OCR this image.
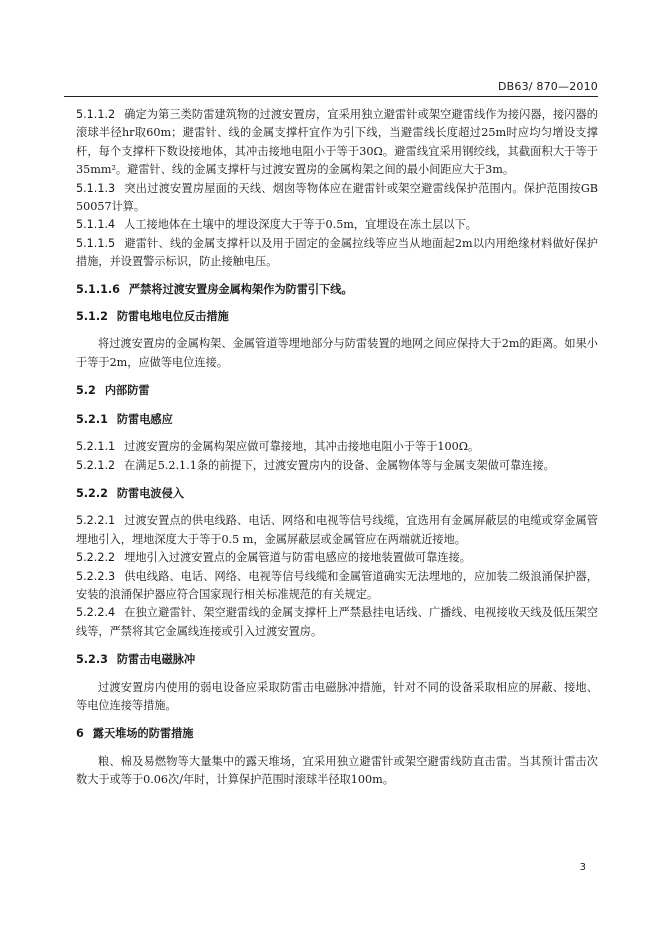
DB63/ 870—2010

5.1.1.2 确定为第三类防雷建筑物的过渡安置房，宜采用独立避雷针或架空避雷线作为接闪器，接闪器的滚球半径hr取60m；避雷针、线的金属支撑杆宜作为引下线，当避雷线长度超过25m时应均匀增设支撑杆，每个支撑杆下数设接地体，其冲击接地电阻小于等于30Ω。避雷线宜采用钢绞线，其截面积大于等于35mm²。避雷针、线的金属支撑杆与过渡安置房的金属构架之间的最小间距应大于3m。

5.1.1.3 突出过渡安置房屋面的天线、烟囱等物体应在避雷针或架空避雷线保护范围内。保护范围按GB 50057计算。

5.1.1.4 人工接地体在土壤中的埋设深度大于等于0.5m，宜埋设在冻土层以下。

5.1.1.5 避雷针、线的金属支撑杆以及用于固定的金属拉线等应当从地面起2m以内用绝缘材料做好保护措施，并设置警示标识，防止接触电压。

5.1.1.6 严禁将过渡安置房金属构架作为防雷引下线。

5.1.2 防雷电地电位反击措施

将过渡安置房的金属构架、金属管道等埋地部分与防雷装置的地网之间应保持大于2m的距离。如果小于等于2m，应做等电位连接。

5.2 内部防雷

5.2.1 防雷电感应

5.2.1.1 过渡安置房的金属构架应做可靠接地，其冲击接地电阻小于等于100Ω。

5.2.1.2 在满足5.2.1.1条的前提下，过渡安置房内的设备、金属物体等与金属支架做可靠连接。

5.2.2 防雷电波侵入

5.2.2.1 过渡安置点的供电线路、电话、网络和电视等信号线缆，宜选用有金属屏蔽层的电缆或穿金属管埋地引入，埋地深度大于等于0.5 m，金属屏蔽层或金属管应在两端就近接地。

5.2.2.2 埋地引入过渡安置点的金属管道与防雷电感应的接地装置做可靠连接。

5.2.2.3 供电线路、电话、网络、电视等信号线缆和金属管道确实无法埋地的，应加装二级浪涌保护器，安装的浪涌保护器应符合国家现行相关标准规范的有关规定。

5.2.2.4 在独立避雷针、架空避雷线的金属支撑杆上严禁悬挂电话线、广播线、电视接收天线及低压架空线等，严禁将其它金属线连接或引入过渡安置房。

5.2.3 防雷击电磁脉冲

过渡安置房内使用的弱电设备应采取防雷击电磁脉冲措施，针对不同的设备采取相应的屏蔽、接地、等电位连接等措施。

6 露天堆场的防雷措施

粮、棉及易燃物等大量集中的露天堆场，宜采用独立避雷针或架空避雷线防直击雷。当其预计雷击次数大于或等于0.06次/年时，计算保护范围时滚球半径取100m。

3
